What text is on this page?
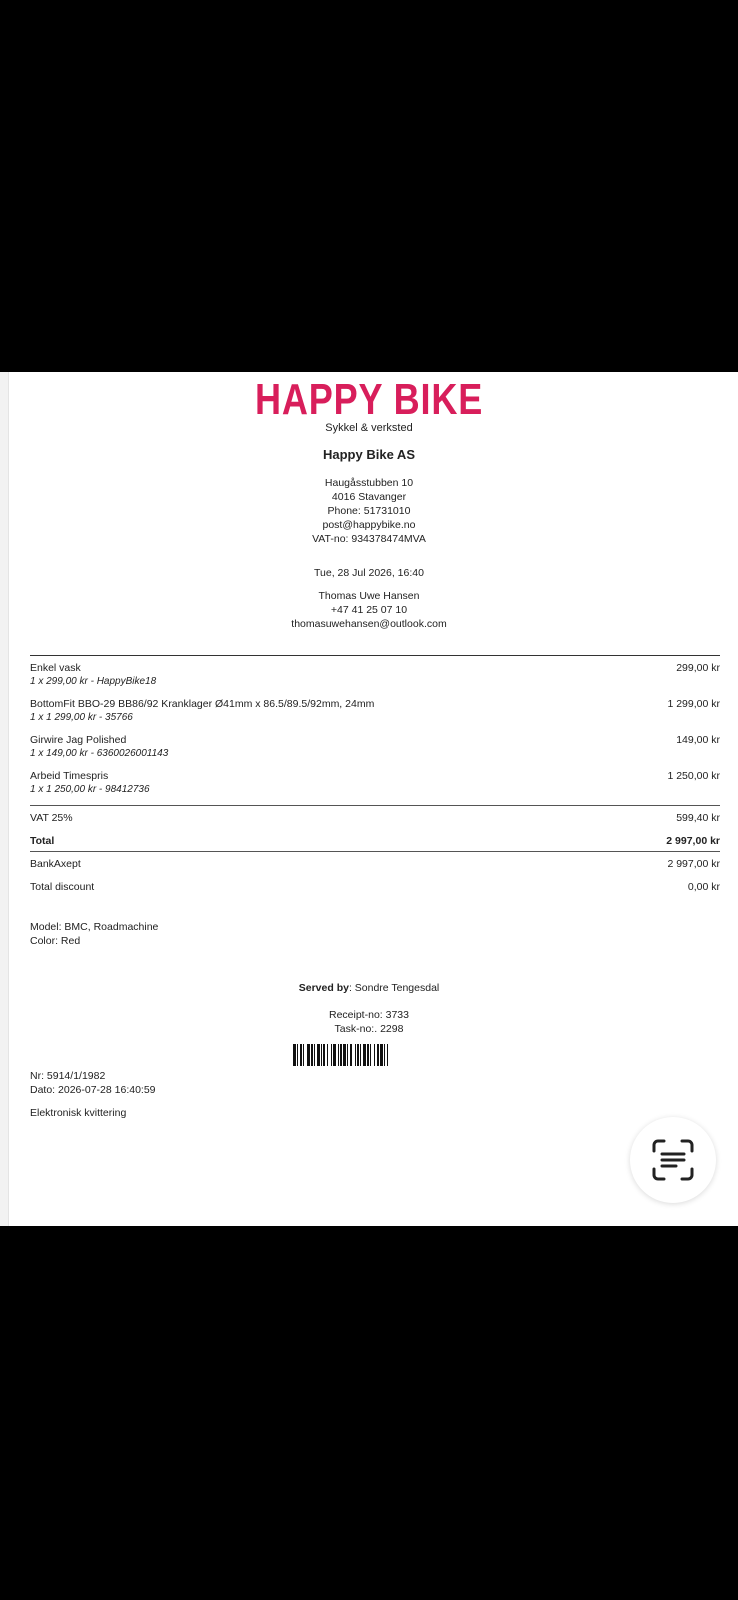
HAPPY BIKE
Sykkel & verksted
Happy Bike AS
Haugåsstubben 10
4016 Stavanger
Phone: 51731010
post@happybike.no
VAT-no: 934378474MVA
Tue, 28 Jul 2026, 16:40
Thomas Uwe Hansen
+47 41 25 07 10
thomasuwehansen@outlook.com
Enkel vask
1 x 299,00 kr - HappyBike18
299,00 kr
BottomFit BBO-29 BB86/92 Kranklager Ø41mm x 86.5/89.5/92mm, 24mm
1 x 1 299,00 kr - 35766
1 299,00 kr
Girwire Jag Polished
1 x 149,00 kr - 6360026001143
149,00 kr
Arbeid Timespris
1 x 1 250,00 kr - 98412736
1 250,00 kr
VAT 25%	599,40 kr
Total	2 997,00 kr
BankAxept	2 997,00 kr
Total discount	0,00 kr
Model: BMC, Roadmachine
Color: Red
Served by: Sondre Tengesdal
Receipt-no: 3733
Task-no:. 2298
Nr: 5914/1/1982
Dato: 2026-07-28 16:40:59
Elektronisk kvittering
